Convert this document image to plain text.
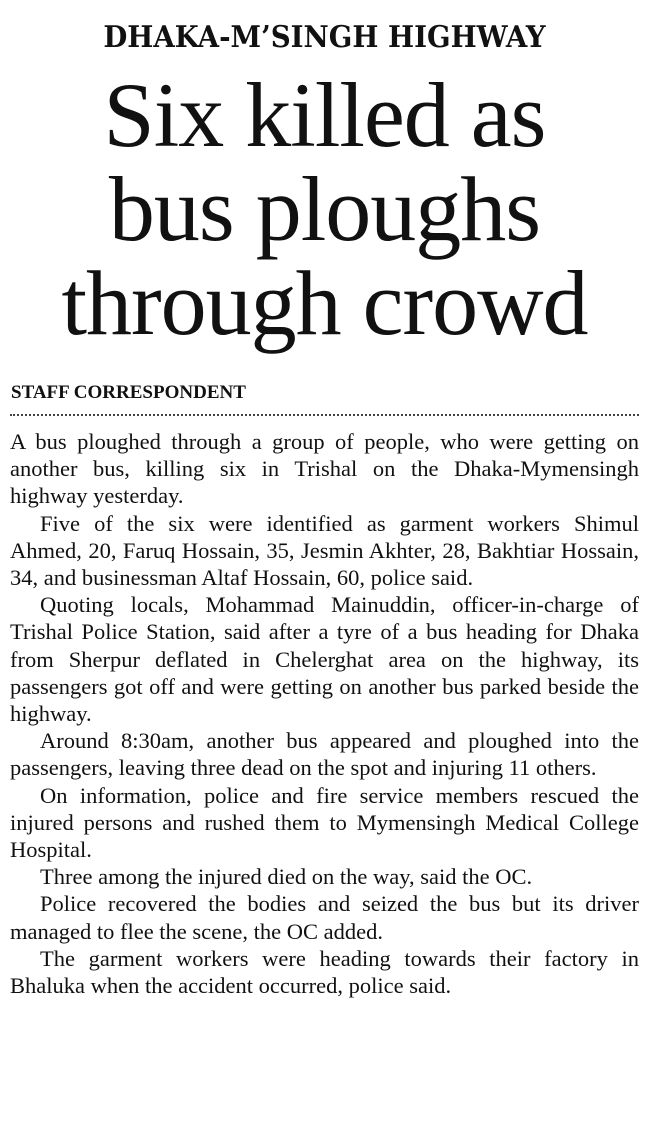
DHAKA-M’SINGH HIGHWAY
Six killed as
bus ploughs
through crowd
STAFF CORRESPONDENT

A bus ploughed through a group of people, who were getting on another bus, killing six in Trishal on the Dhaka-Mymensingh highway yesterday.

Five of the six were identified as garment workers Shimul Ahmed, 20, Faruq Hossain, 35, Jesmin Akhter, 28, Bakhtiar Hossain, 34, and businessman Altaf Hossain, 60, police said.

Quoting locals, Mohammad Mainuddin, officer-in-charge of Trishal Police Station, said after a tyre of a bus heading for Dhaka from Sherpur deflated in Chelerghat area on the highway, its passengers got off and were getting on another bus parked beside the highway.

Around 8:30am, another bus appeared and ploughed into the passengers, leaving three dead on the spot and injuring 11 others.

On information, police and fire service members rescued the injured persons and rushed them to Mymensingh Medical College Hospital.

Three among the injured died on the way, said the OC.

Police recovered the bodies and seized the bus but its driver managed to flee the scene, the OC added.

The garment workers were heading towards their factory in Bhaluka when the accident occurred, police said.
